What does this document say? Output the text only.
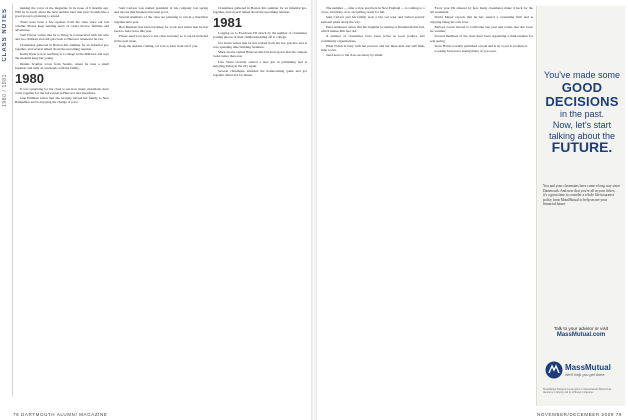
CLASS NOTES
1980 / 1981

making the cover of the magazine in its issue of 6 months ago. Will be in touch about the next reunion later this year. Sounds like a good group is planning to attend.

There have been a few updates from the class since our last column. Please keep sending news of career moves, families and adventures.

Tom Dwyer writes that he is living in Connecticut with his wife and two children and still gets back to Hanover whenever he can.

Classmates gathered in Boston this summer for an informal get-together, and several talked about the upcoming reunion.

Kathy Ryan is now teaching at a college in the Midwest and says the students keep her young.

Dennis Scanlan wrote from Seattle, where he runs a small business and sails on weekends with his family.

1980

It was surprising for the class to see how many classmates have come together for the fall events in Hanover and elsewhere.

Jane Pullman writes that she recently moved her family to New Hampshire and is enjoying the change of pace.

Sam Carlson was named president of his company last spring and reports that business has been good.

Several members of the class are planning to run in a marathon together next year.

Bob Reinhart has been traveling for work and writes that he has been to Asia twice this year.

Please send your news to the class secretary so it can be included in the next issue.

Keep the updates coming; we love to hear from all of you.

Classmates gathered in Boston this summer for an informal get-together, and several talked about the upcoming reunion.

1981

Logging on to Facebook I'm struck by the number of classmates posting photos of their children heading off to college.

Jon Grant writes that he has retired from his law practice and is now spending time building furniture.

Mark Jacobs visited Hanover this fall and reports that the campus looks better than ever.

Lisa Stone recently started a new job in publishing and is enjoying living in the city again.

Several classmates attended the homecoming game and got together afterward for dinner.

78 DARTMOUTH ALUMNI MAGAZINE

The summer — after a slow start here in New England — is coming to a close, and many of us are getting ready for fall.

Sam Carlson and his family took a trip out west and visited several national parks along the way.

Peter Anderson writes that his daughter is starting at Dartmouth this fall, which makes him feel old.

A number of classmates have been active in local politics and community organizations.

Ellen Nolan is busy with her practice and her three kids and still finds time to run.

Send news to the class secretary by email.

Every year I'm amazed by how many classmates make it back for the fall weekends.

David Meyer reports that he has started a consulting firm and is enjoying being his own boss.

Barbara Lewis moved to California last year and writes that she loves the weather.

Several members of the class have been organizing a mini-reunion for next spring.

Steve Harris recently published a book and is on a tour to promote it.

Looking forward to seeing many of you soon.

You've made some
GOOD DECISIONS
in the past.
Now, let's start talking about the
FUTURE.

You and your classmates have come a long way since Dartmouth. And now that you're all in your fifties, it's a great time to consider a whole life insurance policy from MassMutual to help secure your financial future.

Talk to your advisor or visit
MassMutual.com
MassMutual
We'll help you get there.
MassMutual Financial Group refers to Massachusetts Mutual Life Insurance Company and its affiliated companies.
NOVEMBER/DECEMBER 2009 79
